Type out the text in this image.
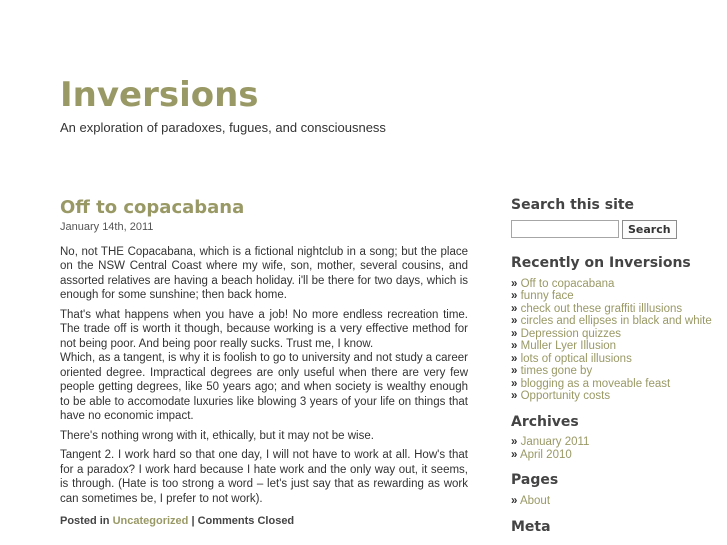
Inversions

An exploration of paradoxes, fugues, and consciousness

Off to copacabana
January 14th, 2011

No, not THE Copacabana, which is a fictional nightclub in a song; but the place on the NSW Central Coast where my wife, son, mother, several cousins, and assorted relatives are having a beach holiday. i'll be there for two days, which is enough for some sunshine; then back home.

That's what happens when you have a job! No more endless recreation time. The trade off is worth it though, because working is a very effective method for not being poor. And being poor really sucks. Trust me, I know.
Which, as a tangent, is why it is foolish to go to university and not study a career oriented degree. Impractical degrees are only useful when there are very few people getting degrees, like 50 years ago; and when society is wealthy enough to be able to accomodate luxuries like blowing 3 years of your life on things that have no economic impact.

There's nothing wrong with it, ethically, but it may not be wise.

Tangent 2. I work hard so that one day, I will not have to work at all. How's that for a paradox? I work hard because I hate work and the only way out, it seems, is through. (Hate is too strong a word – let's just say that as rewarding as work can sometimes be, I prefer to not work).

Posted in Uncategorized | Comments Closed

Search this site
Search
Recently on Inversions
» Off to copacabana
» funny face
» check out these graffiti illlusions
» circles and ellipses in black and white
» Depression quizzes
» Muller Lyer Illusion
» lots of optical illusions
» times gone by
» blogging as a moveable feast
» Opportunity costs
Archives
» January 2011
» April 2010
Pages
» About
Meta
